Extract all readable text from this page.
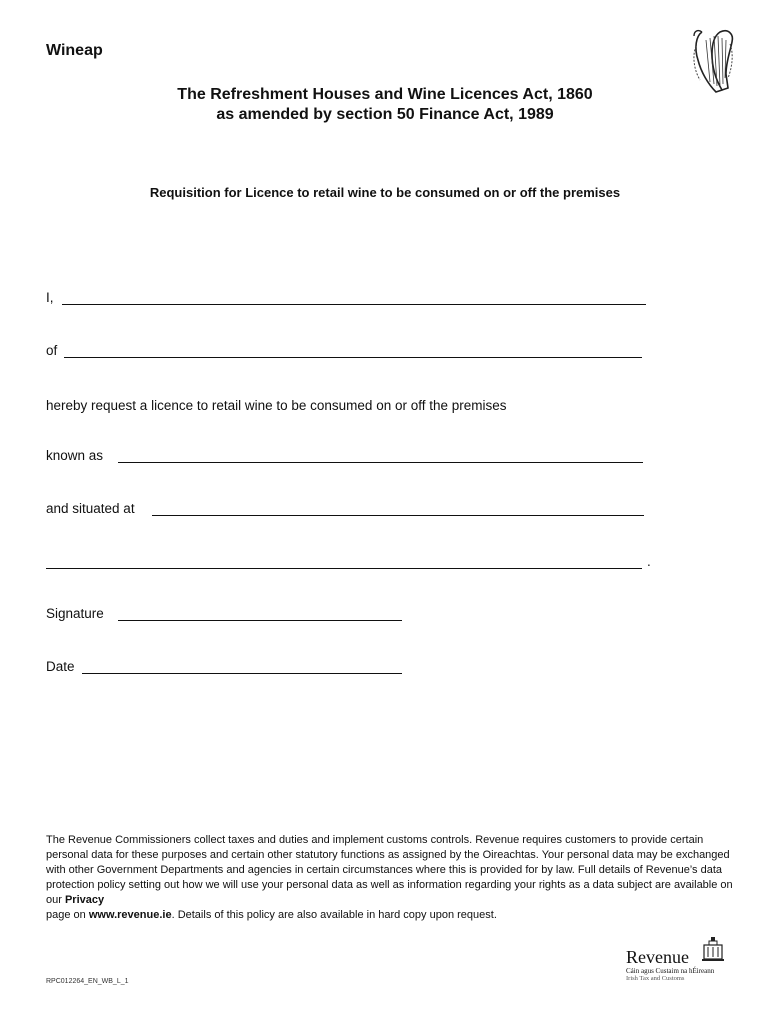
Wineap
The Refreshment Houses and Wine Licences Act, 1860
as amended by section 50 Finance Act, 1989
Requisition for Licence to retail wine to be consumed on or off the premises
I,
of
hereby request a licence to retail wine to be consumed on or off the premises
known as
and situated at
.
Signature
Date
The Revenue Commissioners collect taxes and duties and implement customs controls. Revenue requires customers to provide certain personal data for these purposes and certain other statutory functions as assigned by the Oireachtas. Your personal data may be exchanged with other Government Departments and agencies in certain circumstances where this is provided for by law. Full details of Revenue’s data protection policy setting out how we will use your personal data as well as information regarding your rights as a data subject are available on our Privacy
page on www.revenue.ie. Details of this policy are also available in hard copy upon request.
RPC012264_EN_WB_L_1
Revenue
Cáin agus Custaim na hÉireann
Irish Tax and Customs
